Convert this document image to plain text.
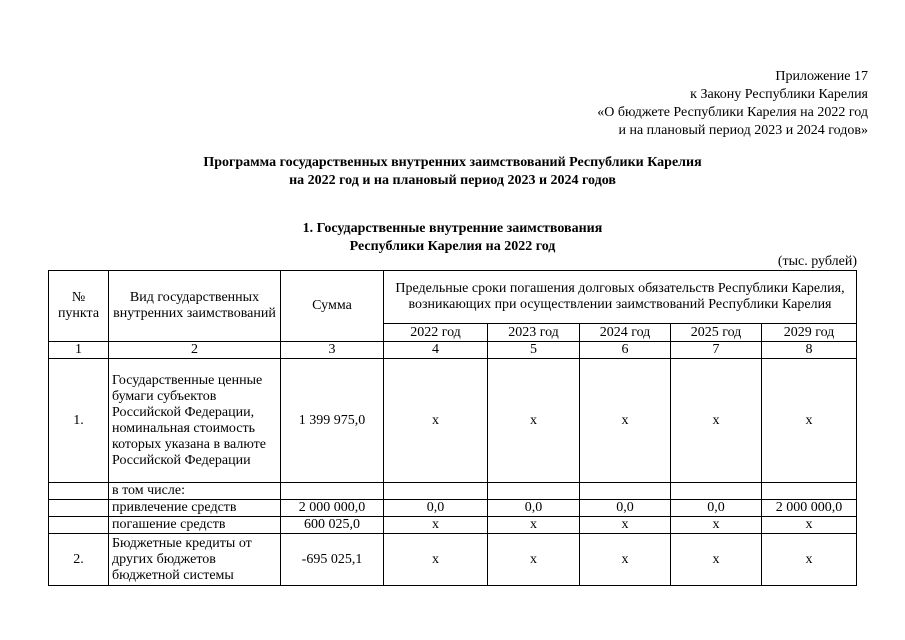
Приложение 17
к Закону Республики Карелия
«О бюджете Республики Карелия на 2022 год
и на плановый период 2023 и 2024 годов»
Программа государственных внутренних заимствований Республики Карелия
на 2022 год и на плановый период 2023 и 2024 годов
1. Государственные внутренние заимствования
Республики Карелия на 2022 год
(тыс. рублей)
№ пункта	Вид государственных внутренних заимствований	Сумма	Предельные сроки погашения долговых обязательств Республики Карелия, возникающих при осуществлении заимствований Республики Карелия				
			2022 год	2023 год	2024 год	2025 год	2029 год
1	2	3	4	5	6	7	8
1.	Государственные ценные бумаги субъектов Российской Федерации, номинальная стоимость которых указана в валюте Российской Федерации	1 399 975,0	х	х	х	х	х
	в том числе:						
	привлечение средств	2 000 000,0	0,0	0,0	0,0	0,0	2 000 000,0
	погашение средств	600 025,0	х	х	х	х	х
2.	Бюджетные кредиты от других бюджетов бюджетной системы	-695 025,1	х	х	х	х	х
